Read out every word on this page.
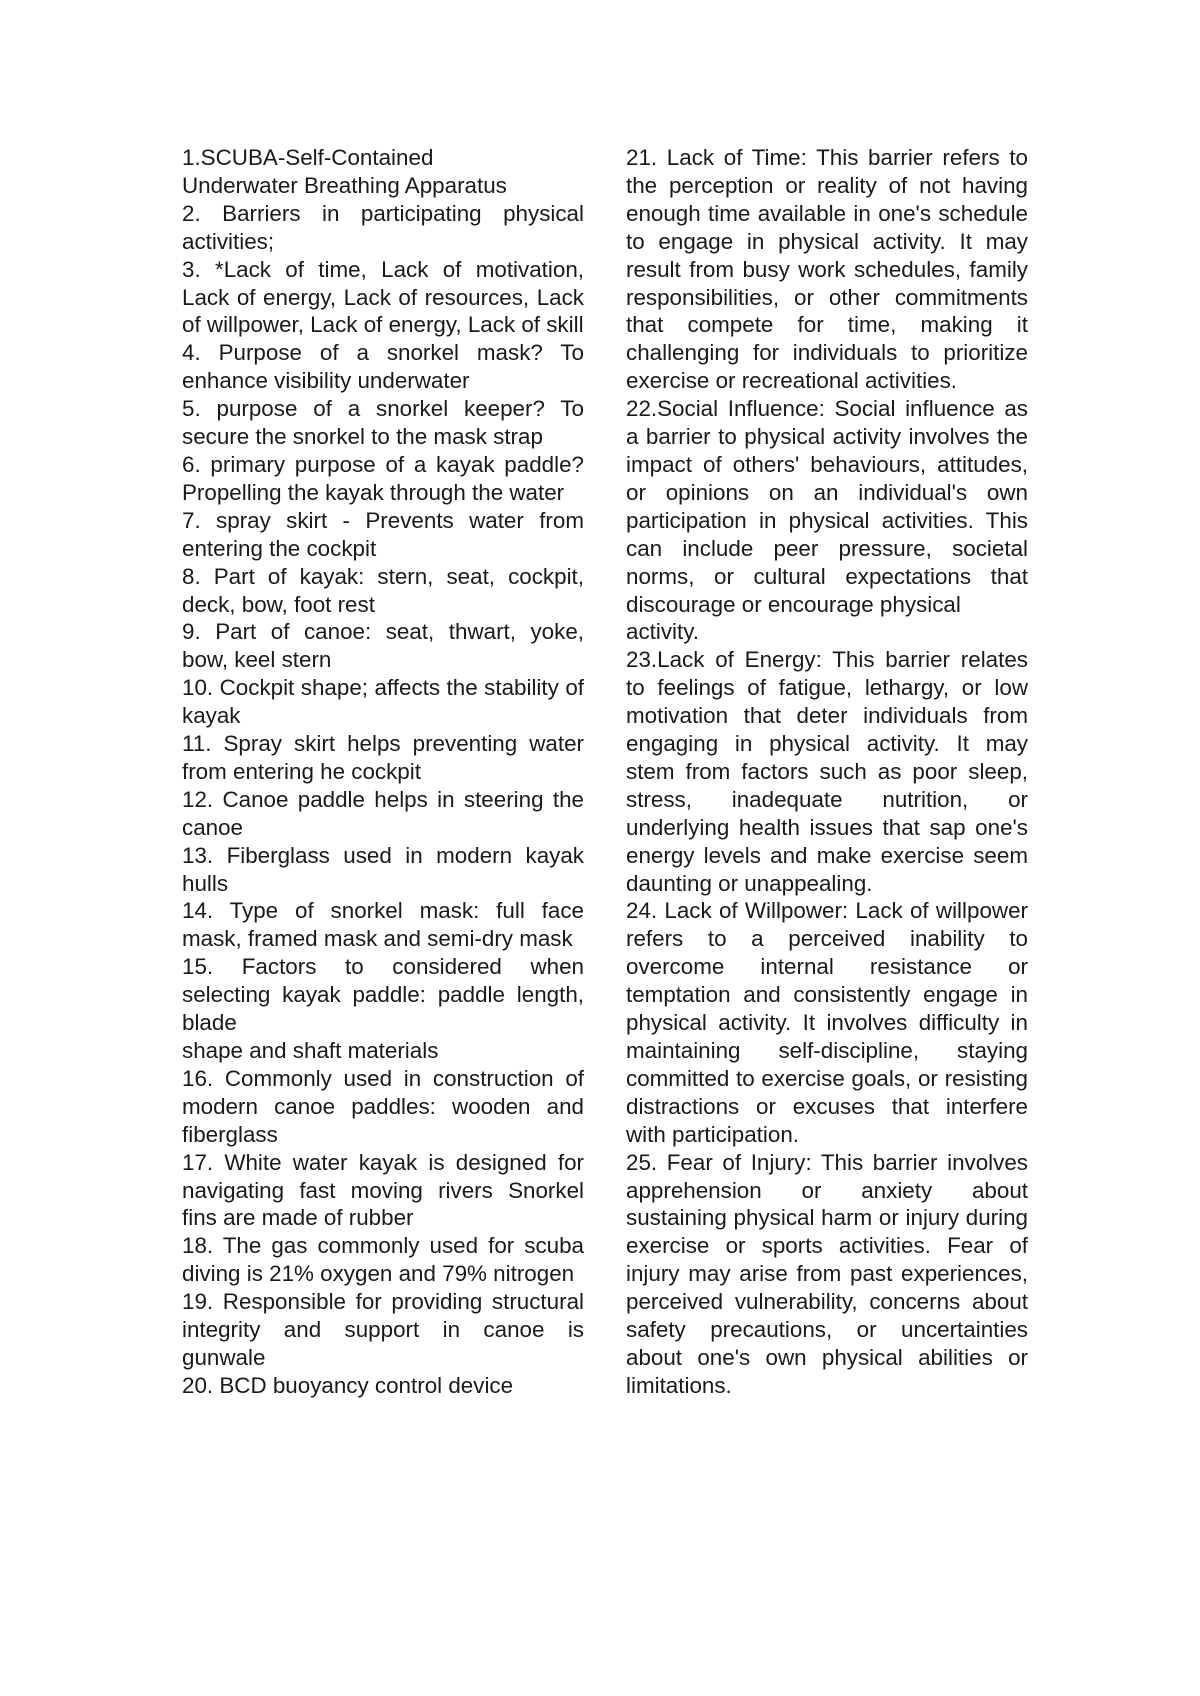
1.SCUBA-Self-Contained

Underwater Breathing Apparatus

2. Barriers in participating physical activities;

3. *Lack of time, Lack of motivation, Lack of energy, Lack of resources, Lack of willpower, Lack of energy, Lack of skill

4. Purpose of a snorkel mask? To enhance visibility underwater

5. purpose of a snorkel keeper? To secure the snorkel to the mask strap

6. primary purpose of a kayak paddle? Propelling the kayak through the water

7. spray skirt - Prevents water from entering the cockpit

8. Part of kayak: stern, seat, cockpit, deck, bow, foot rest

9. Part of canoe: seat, thwart, yoke, bow, keel stern

10. Cockpit shape; affects the stability of kayak

11. Spray skirt helps preventing water from entering he cockpit

12. Canoe paddle helps in steering the canoe

13. Fiberglass used in modern kayak hulls

14. Type of snorkel mask: full face mask, framed mask and semi-dry mask

15. Factors to considered when selecting kayak paddle: paddle length, blade

shape and shaft materials

16. Commonly used in construction of modern canoe paddles: wooden and fiberglass

17. White water kayak is designed for navigating fast moving rivers Snorkel fins are made of rubber

18. The gas commonly used for scuba diving is 21% oxygen and 79% nitrogen

19. Responsible for providing structural integrity and support in canoe is gunwale

20. BCD buoyancy control device

21. Lack of Time: This barrier refers to the perception or reality of not having enough time available in one's schedule to engage in physical activity. It may result from busy work schedules, family responsibilities, or other commitments that compete for time, making it challenging for individuals to prioritize exercise or recreational activities.

22.Social Influence: Social influence as a barrier to physical activity involves the impact of others' behaviours, attitudes, or opinions on an individual's own participation in physical activities. This can include peer pressure, societal norms, or cultural expectations that discourage or encourage physical

activity.

23.Lack of Energy: This barrier relates to feelings of fatigue, lethargy, or low motivation that deter individuals from engaging in physical activity. It may stem from factors such as poor sleep, stress, inadequate nutrition, or underlying health issues that sap one's energy levels and make exercise seem daunting or unappealing.

24. Lack of Willpower: Lack of willpower refers to a perceived inability to overcome internal resistance or temptation and consistently engage in physical activity. It involves difficulty in maintaining self-discipline, staying committed to exercise goals, or resisting distractions or excuses that interfere with participation.

25. Fear of Injury: This barrier involves apprehension or anxiety about sustaining physical harm or injury during exercise or sports activities. Fear of injury may arise from past experiences, perceived vulnerability, concerns about safety precautions, or uncertainties about one's own physical abilities or limitations.
